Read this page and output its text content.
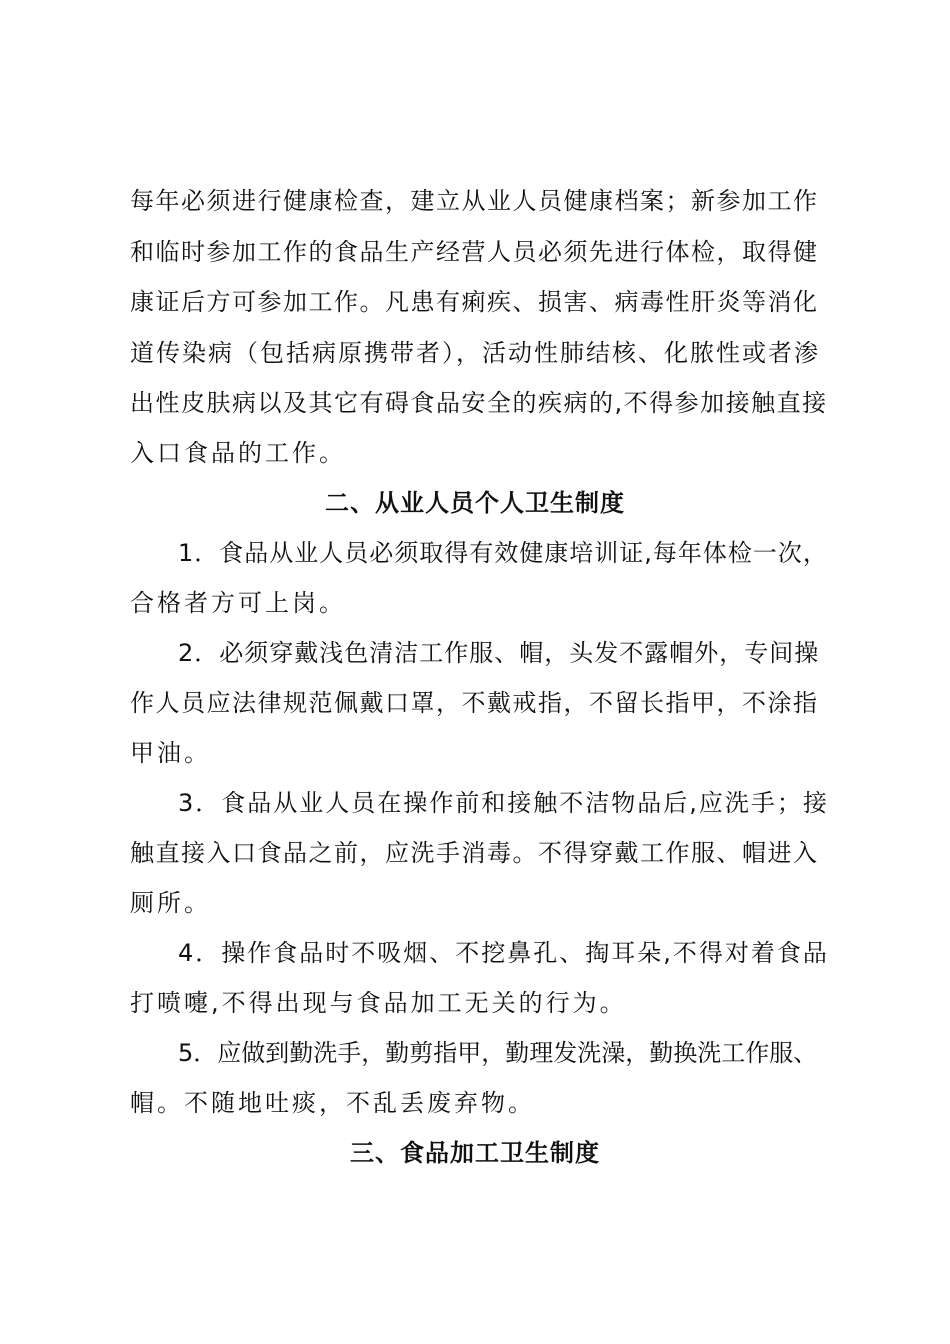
每年必须进行健康检查，建立从业人员健康档案；新参加工作
和临时参加工作的食品生产经营人员必须先进行体检，取得健
康证后方可参加工作。凡患有痢疾、损害、病毒性肝炎等消化
道传染病（包括病原携带者），活动性肺结核、化脓性或者渗
出性皮肤病以及其它有碍食品安全的疾病的,不得参加接触直接
入口食品的工作。
二、从业人员个人卫生制度
1．食品从业人员必须取得有效健康培训证,每年体检一次，
合格者方可上岗。
2．必须穿戴浅色清洁工作服、帽，头发不露帽外，专间操
作人员应法律规范佩戴口罩，不戴戒指，不留长指甲，不涂指
甲油。
3．食品从业人员在操作前和接触不洁物品后,应洗手；接
触直接入口食品之前，应洗手消毒。不得穿戴工作服、帽进入
厕所。
4．操作食品时不吸烟、不挖鼻孔、掏耳朵,不得对着食品
打喷嚏,不得出现与食品加工无关的行为。
5．应做到勤洗手，勤剪指甲，勤理发洗澡，勤换洗工作服、
帽。不随地吐痰，不乱丢废弃物。
三、食品加工卫生制度
